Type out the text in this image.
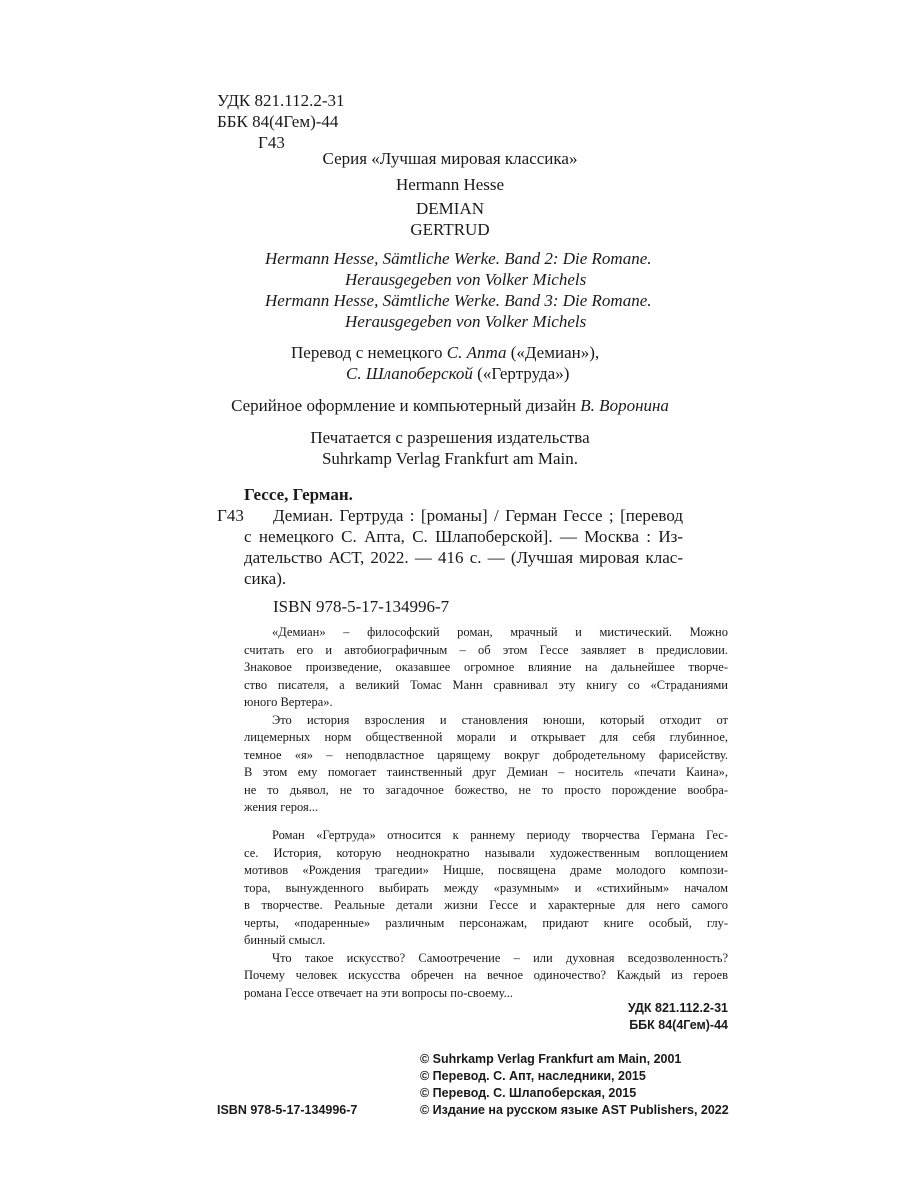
УДК 821.112.2-31
ББК 84(4Гем)-44
Г43
Серия «Лучшая мировая классика»
Hermann Hesse
DEMIAN
GERTRUD
Hermann Hesse, Sämtliche Werke. Band 2: Die Romane.
Herausgegeben von Volker Michels
Hermann Hesse, Sämtliche Werke. Band 3: Die Romane.
Herausgegeben von Volker Michels
Перевод с немецкого С. Апта («Демиан»),
С. Шлапоберской («Гертруда»)
Серийное оформление и компьютерный дизайн В. Воронина
Печатается с разрешения издательства
Suhrkamp Verlag Frankfurt am Main.
Гессе, Герман.
Г43 Демиан. Гертруда : [романы] / Герман Гессе ; [перевод
с немецкого С. Апта, С. Шлапоберской]. — Москва : Из-
дательство АСТ, 2022. — 416 с. — (Лучшая мировая клас-
сика).
ISBN 978-5-17-134996-7
«Демиан» – философский роман, мрачный и мистический. Можно
считать его и автобиографичным – об этом Гессе заявляет в предисловии.
Знаковое произведение, оказавшее огромное влияние на дальнейшее творче-
ство писателя, а великий Томас Манн сравнивал эту книгу со «Страданиями
юного Вертера».
Это история взросления и становления юноши, который отходит от
лицемерных норм общественной морали и открывает для себя глубинное,
темное «я» – неподвластное царящему вокруг добродетельному фарисейству.
В этом ему помогает таинственный друг Демиан – носитель «печати Каина»,
не то дьявол, не то загадочное божество, не то просто порождение вообра-
жения героя...
Роман «Гертруда» относится к раннему периоду творчества Германа Гес-
се. История, которую неоднократно называли художественным воплощением
мотивов «Рождения трагедии» Ницше, посвящена драме молодого компози-
тора, вынужденного выбирать между «разумным» и «стихийным» началом
в творчестве. Реальные детали жизни Гессе и характерные для него самого
черты, «подаренные» различным персонажам, придают книге особый, глу-
бинный смысл.
Что такое искусство? Самоотречение – или духовная вседозволенность?
Почему человек искусства обречен на вечное одиночество? Каждый из героев
романа Гессе отвечает на эти вопросы по-своему...
УДК 821.112.2-31
ББК 84(4Гем)-44
© Suhrkamp Verlag Frankfurt am Main, 2001
© Перевод. С. Апт, наследники, 2015
© Перевод. С. Шлапоберская, 2015
© Издание на русском языке AST Publishers, 2022
ISBN 978-5-17-134996-7
